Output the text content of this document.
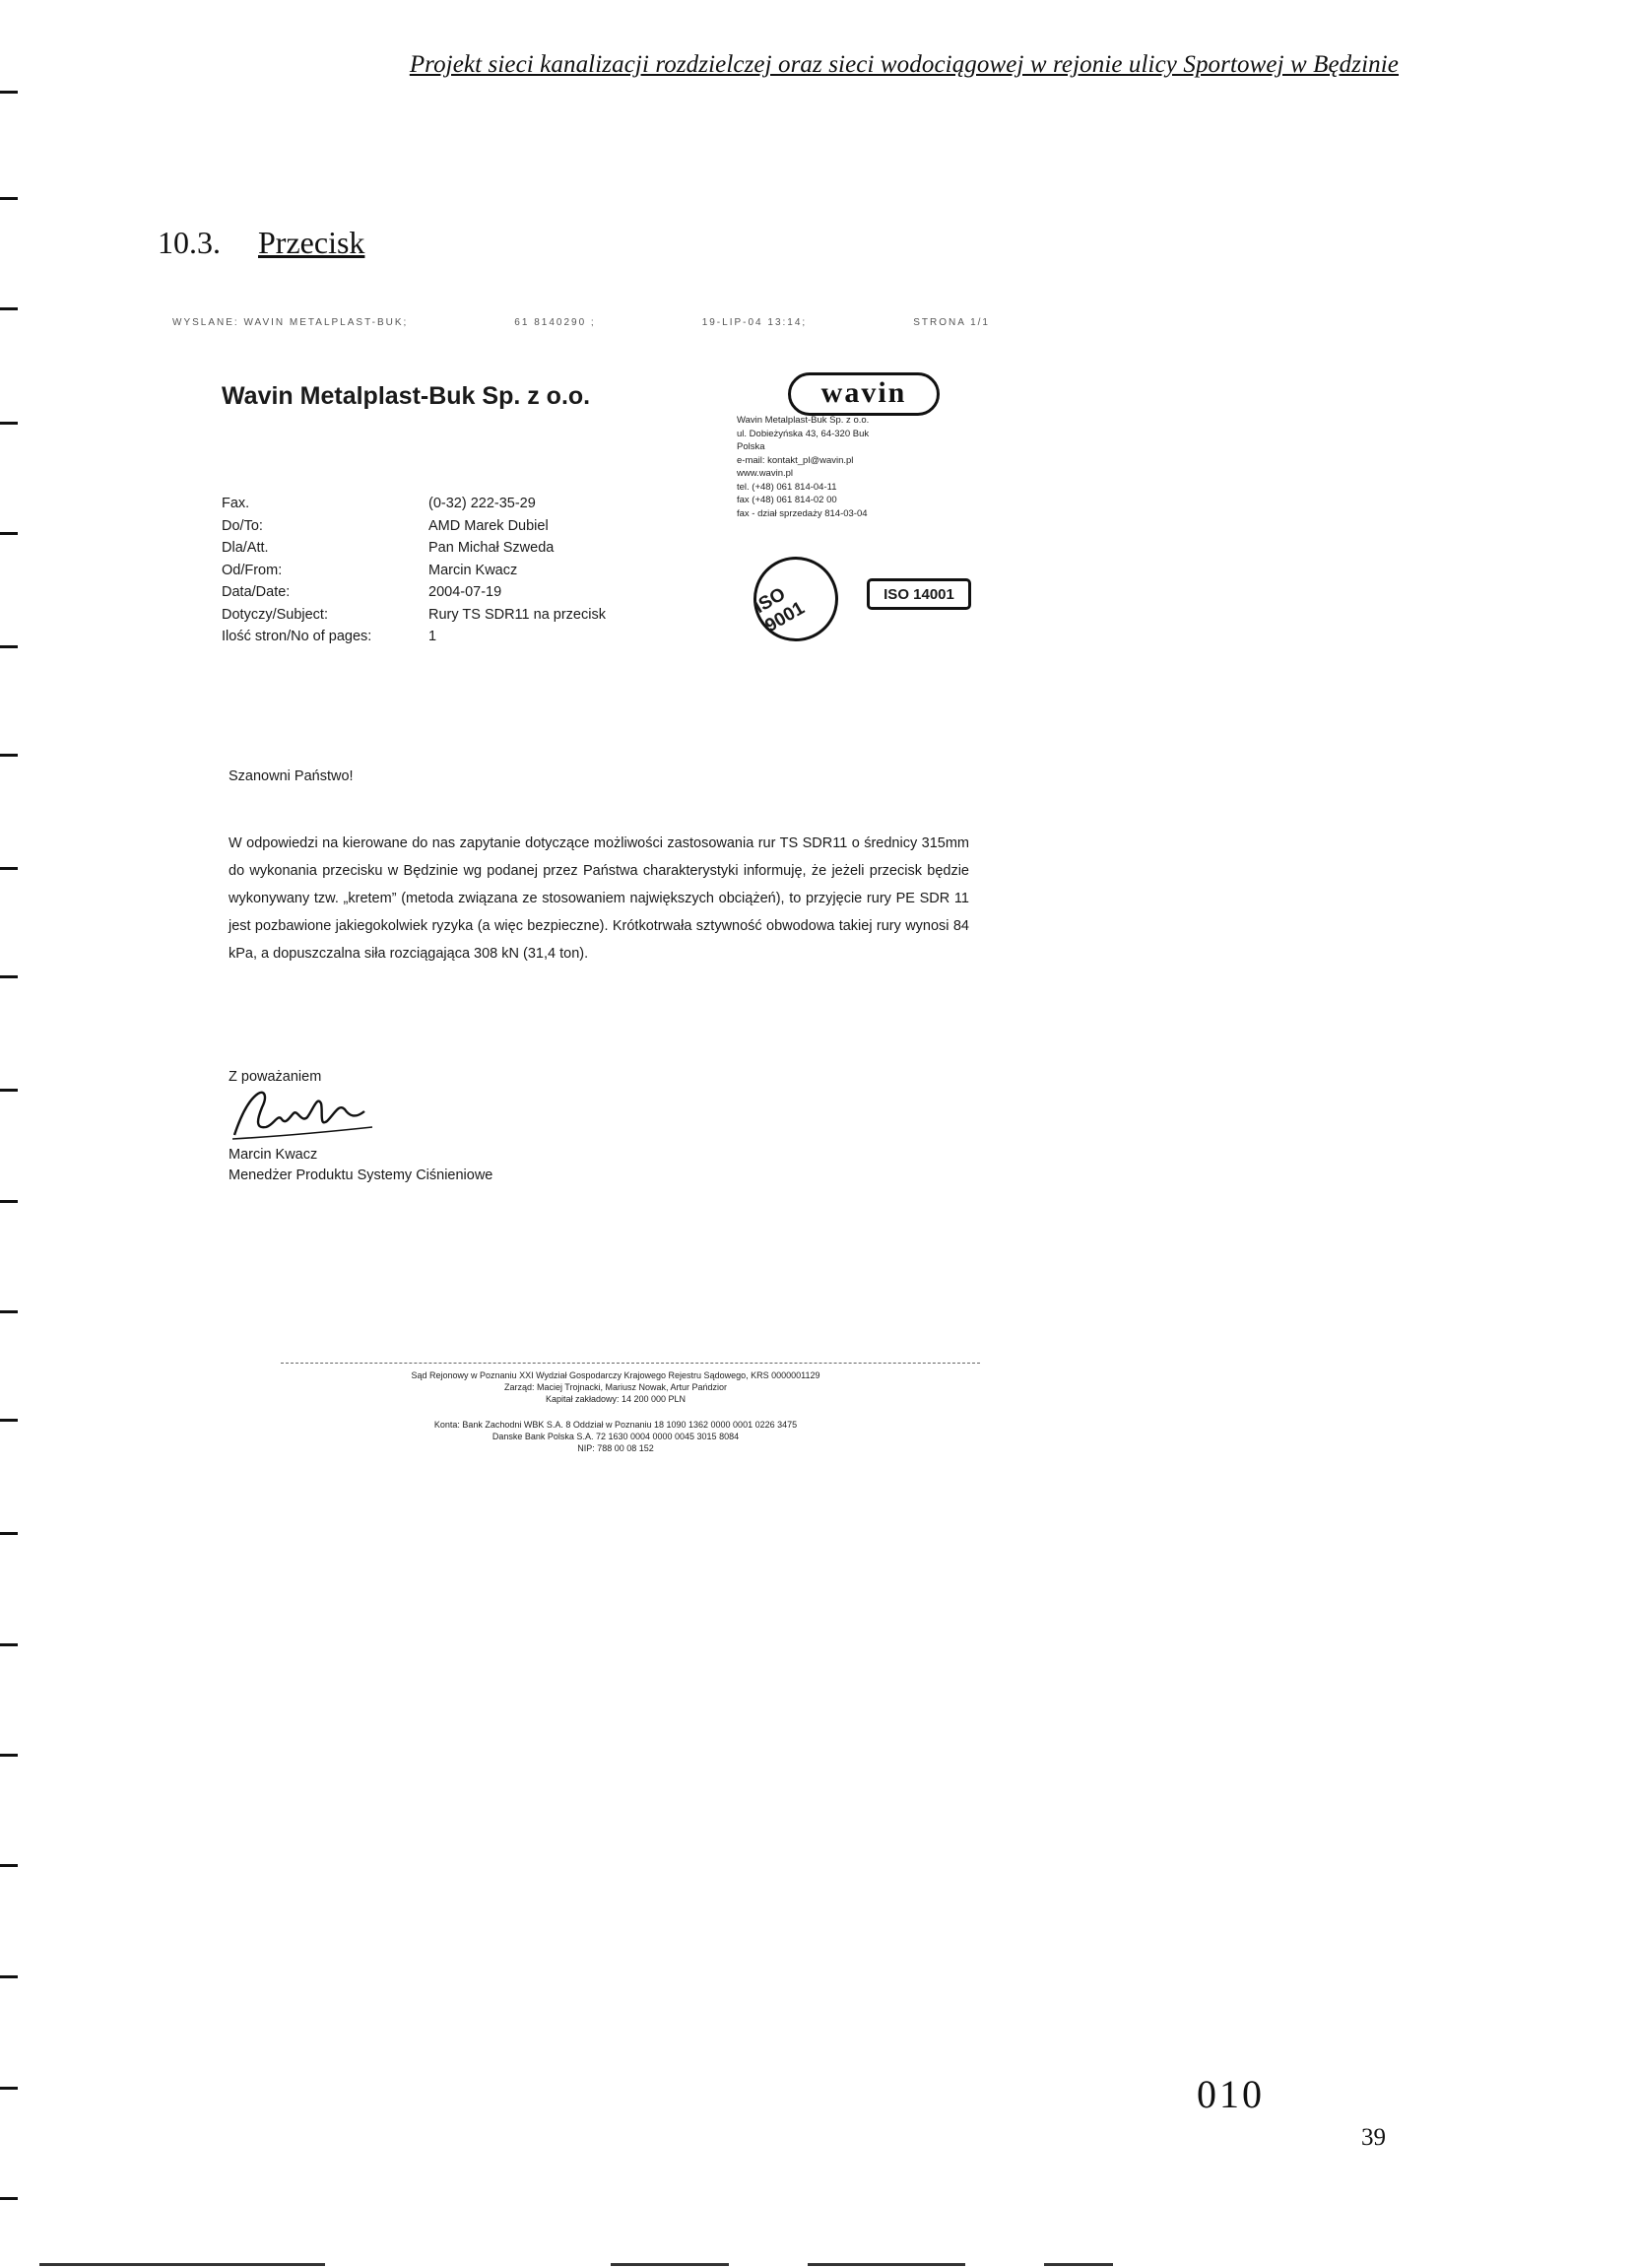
Projekt sieci kanalizacji rozdzielczej oraz sieci wodociągowej w rejonie ulicy Sportowej w Będzinie
10.3. Przecisk
WYSLANE: WAVIN METALPLAST-BUK;	61 8140290 ;	19-LIP-04 13:14;	STRONA 1/1
Wavin Metalplast-Buk Sp. z o.o.	wavin
Wavin Metalplast-Buk Sp. z o.o.
ul. Dobieżyńska 43, 64-320 Buk
Polska
e-mail: kontakt_pl@wavin.pl
www.wavin.pl
tel. (+48) 061 814-04-11
fax (+48) 061 814-02 00
fax - dział sprzedaży 814-03-04
ISO 9001
ISO 14001
Fax.	(0-32) 222-35-29
Do/To:	AMD Marek Dubiel
Dla/Att.	Pan Michał Szweda
Od/From:	Marcin Kwacz
Data/Date:	2004-07-19
Dotyczy/Subject:	Rury TS SDR11 na przecisk
Ilość stron/No of pages:	1
Szanowni Państwo!
W odpowiedzi na kierowane do nas zapytanie dotyczące możliwości zastosowania rur TS SDR11 o średnicy 315mm do wykonania przecisku w Będzinie wg podanej przez Państwa charakterystyki informuję, że jeżeli przecisk będzie wykonywany tzw. „kretem” (metoda związana ze stosowaniem największych obciążeń), to przyjęcie rury PE SDR 11 jest pozbawione jakiegokolwiek ryzyka (a więc bezpieczne). Krótkotrwała sztywność obwodowa takiej rury wynosi 84 kPa, a dopuszczalna siła rozciągająca 308 kN (31,4 ton).
Z poważaniem
Marcin Kwacz
Menedżer Produktu Systemy Ciśnieniowe
Sąd Rejonowy w Poznaniu XXI Wydział Gospodarczy Krajowego Rejestru Sądowego, KRS 0000001129
Zarząd: Maciej Trojnacki, Mariusz Nowak, Artur Pańdzior
Kapitał zakładowy: 14 200 000 PLN
Konta: Bank Zachodni WBK S.A. 8 Oddział w Poznaniu 18 1090 1362 0000 0001 0226 3475
Danske Bank Polska S.A. 72 1630 0004 0000 0045 3015 8084
NIP: 788 00 08 152
010
39
